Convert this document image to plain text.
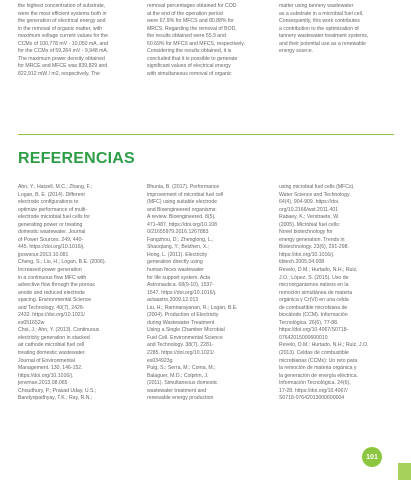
the highest concentration of substrate,
were the most efficient systems both in
the generation of electrical energy and
in the removal of organic matter, with
maximum voltage current values for the
CCMs of 100,778 mV - 10,050 mA, and
for the CCMs of 59,264 mV - 9,948 mA.
The maximum power density obtained
for MRCE and MFCE was 839,829 and
822,912 mW / m2, respectively. The
removal percentages obtained for COD
at the end of the operation period
were 67.9% for MFCS and 80.88% for
MRCS. Regarding the removal of BOD,
the results obtained were 55.9 and
60.69% for MFCS and MFCS, respectively.
Considering the results obtained, it is
concluded that it is possible to generate
significant values of electrical energy
with simultaneous removal of organic
matter using tannery wastewater
as a substrate in a microbial fuel cell.
Consequently, this work contributes
a contribution to the optimization of
tannery wastewater treatment systems,
and their potential use as a renewable
energy source.
REFERENCIAS
Ahn, Y.; Hatzell, M.C.; Zhang, F.;
Logan, B. E. (2014). Different
electrode configurations to
optimize performance of multi-
electrode microbial fuel cells for
generating power or treating
domestic wastewater. Journal
of Power Sources. 249, 440-
445. https://doi.org/10.1016/j.
jpowsour.2013.10.081
Cheng, S.; Liu, H.; Logan, B.E. (2006).
Increased power generation
in a continuous flow MFC with
advective flow through the porous
anode and reduced electrode
spacing. Environmental Science
and Technology. 40(7), 2426-
2432. https://doi.org/10.1021/
es051652w
Choi, J.; Ahn, Y. (2013). Continuous
electricity generation in stacked
air cathode microbial fuel cell
treating domestic wastewater.
Journal of Environmental
Management. 130, 146-152.
https://doi.org/10.1016/j.
jenvman.2013.08.065
Choudhury, P.; Prasad Uday, U.S.;
Bandyopadhyay, T.K.; Ray, R.N.;
Bhunia, B. (2017). Performance
improvement of microbial fuel cell
(MFC) using suitable electrode
and Bioengineered organisms:
A review. Bioengineered. 8(5),
471-487. https://doi.org/10.108
0/21655979.2016.1267883
Fangzhou, D.; Zhenglong, L.;
Shaoqiang, Y.; Beizhen, X.;
Hong, L. (2011). Electricity
generation directly using
human feces wastewater
for life support system. Acta
Astronautica. 68(9-10), 1537-
1547. https://doi.org/10.1016/j.
actaastro.2009.12.013
Liu, H.; Ramnarayanan, R.; Logan, B.E.
(2004). Production of Electricity
during Wastewater Treatment
Using a Single Chamber Microbial
Fuel Cell. Environmental Science
and Technology. 38(7), 2281-
2285. https://doi.org/10.1021/
es034923g
Puig, S.; Serra, M.; Coma, M.;
Balaguer, M.D.; Colprim, J.
(2011). Simultaneous domestic
wastewater treatment and
renewable energy production
using microbial fuel cells (MFCs).
Water Science and Technology.
64(4), 904-909. https://doi.
org/10.2166/wst.2011.401
Rabaey, K.; Verstraete, W.
(2005). Microbial fuel cells:
Novel biotechnology for
energy generation. Trends in
Biotechnology. 23(6), 291-298.
https://doi.org/10.1016/j.
tibtech.2005.04.008
Revelo, D.M.; Hurtado, N.H.; Ruiz,
J.O.; López, S. (2015). Uso de
microorganismos nativos en la
remoción simultánea de materia
orgánica y Cr(VI) en una celda
de combustible microbiana de
biocátodo (CCM). Información
Tecnológica. 26(6), 77-88.
https://doi.org/10.4067/S0718-
07642015000600010
Revelo, D.M.; Hurtado, N.H.; Ruiz, J.O.
(2013). Celdas de combustible
microbianas (CCMs): Un reto para
la remoción de materia orgánica y
la generación de energía eléctrica.
Información Tecnológica. 24(6),
17-28. https://doi.org/10.4067/
S0718-07642013000600004
101
